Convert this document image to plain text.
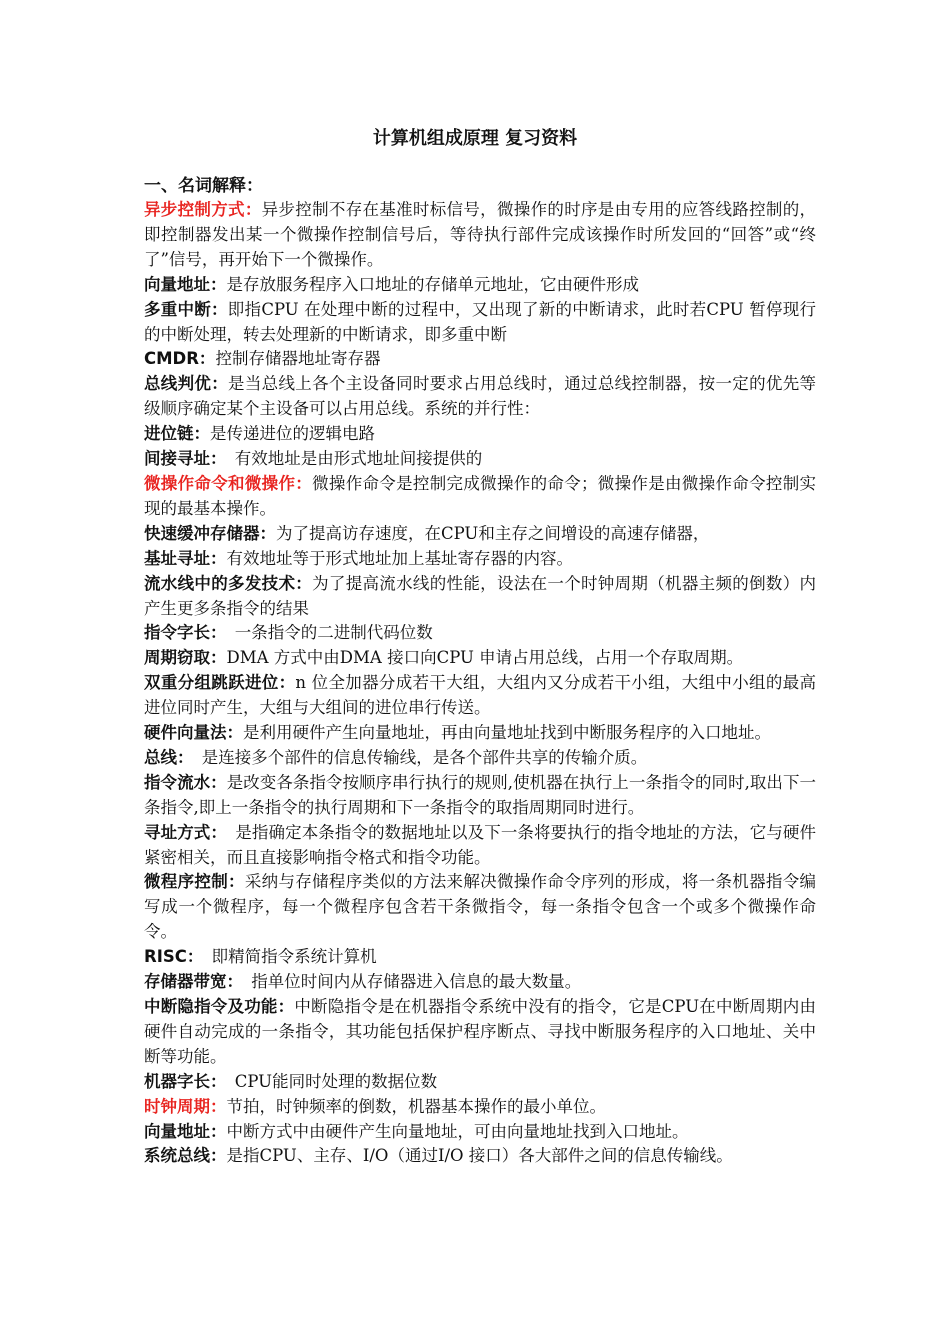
计算机组成原理 复习资料
一、名词解释：
异步控制方式：异步控制不存在基准时标信号，微操作的时序是由专用的应答线路控制的，即控制器发出某一个微操作控制信号后，等待执行部件完成该操作时所发回的“回答”或“终了”信号，再开始下一个微操作。
向量地址：是存放服务程序入口地址的存储单元地址，它由硬件形成
多重中断：即指CPU 在处理中断的过程中，又出现了新的中断请求，此时若CPU 暂停现行的中断处理，转去处理新的中断请求，即多重中断
CMDR：控制存储器地址寄存器
总线判优：是当总线上各个主设备同时要求占用总线时，通过总线控制器，按一定的优先等级顺序确定某个主设备可以占用总线。系统的并行性：
进位链：是传递进位的逻辑电路
间接寻址：　有效地址是由形式地址间接提供的
微操作命令和微操作：微操作命令是控制完成微操作的命令；微操作是由微操作命令控制实现的最基本操作。
快速缓冲存储器：为了提高访存速度，在CPU和主存之间增设的高速存储器，
基址寻址：有效地址等于形式地址加上基址寄存器的内容。
流水线中的多发技术：为了提高流水线的性能，设法在一个时钟周期（机器主频的倒数）内产生更多条指令的结果
指令字长：　一条指令的二进制代码位数
周期窃取：DMA 方式中由DMA 接口向CPU 申请占用总线，占用一个存取周期。
双重分组跳跃进位：n 位全加器分成若干大组，大组内又分成若干小组，大组中小组的最高进位同时产生，大组与大组间的进位串行传送。
硬件向量法：是利用硬件产生向量地址，再由向量地址找到中断服务程序的入口地址。
总线：　是连接多个部件的信息传输线，是各个部件共享的传输介质。
指令流水：是改变各条指令按顺序串行执行的规则,使机器在执行上一条指令的同时,取出下一条指令,即上一条指令的执行周期和下一条指令的取指周期同时进行。
寻址方式：　是指确定本条指令的数据地址以及下一条将要执行的指令地址的方法，它与硬件紧密相关，而且直接影响指令格式和指令功能。
微程序控制：采纳与存储程序类似的方法来解决微操作命令序列的形成，将一条机器指令编写成一个微程序，每一个微程序包含若干条微指令，每一条指令包含一个或多个微操作命令。
RISC：　即精简指令系统计算机
存储器带宽：　指单位时间内从存储器进入信息的最大数量。
中断隐指令及功能：中断隐指令是在机器指令系统中没有的指令，它是CPU在中断周期内由硬件自动完成的一条指令，其功能包括保护程序断点、寻找中断服务程序的入口地址、关中断等功能。
机器字长：　CPU能同时处理的数据位数
时钟周期：节拍，时钟频率的倒数，机器基本操作的最小单位。
向量地址：中断方式中由硬件产生向量地址，可由向量地址找到入口地址。
系统总线：是指CPU、主存、I/O（通过I/O 接口）各大部件之间的信息传输线。
